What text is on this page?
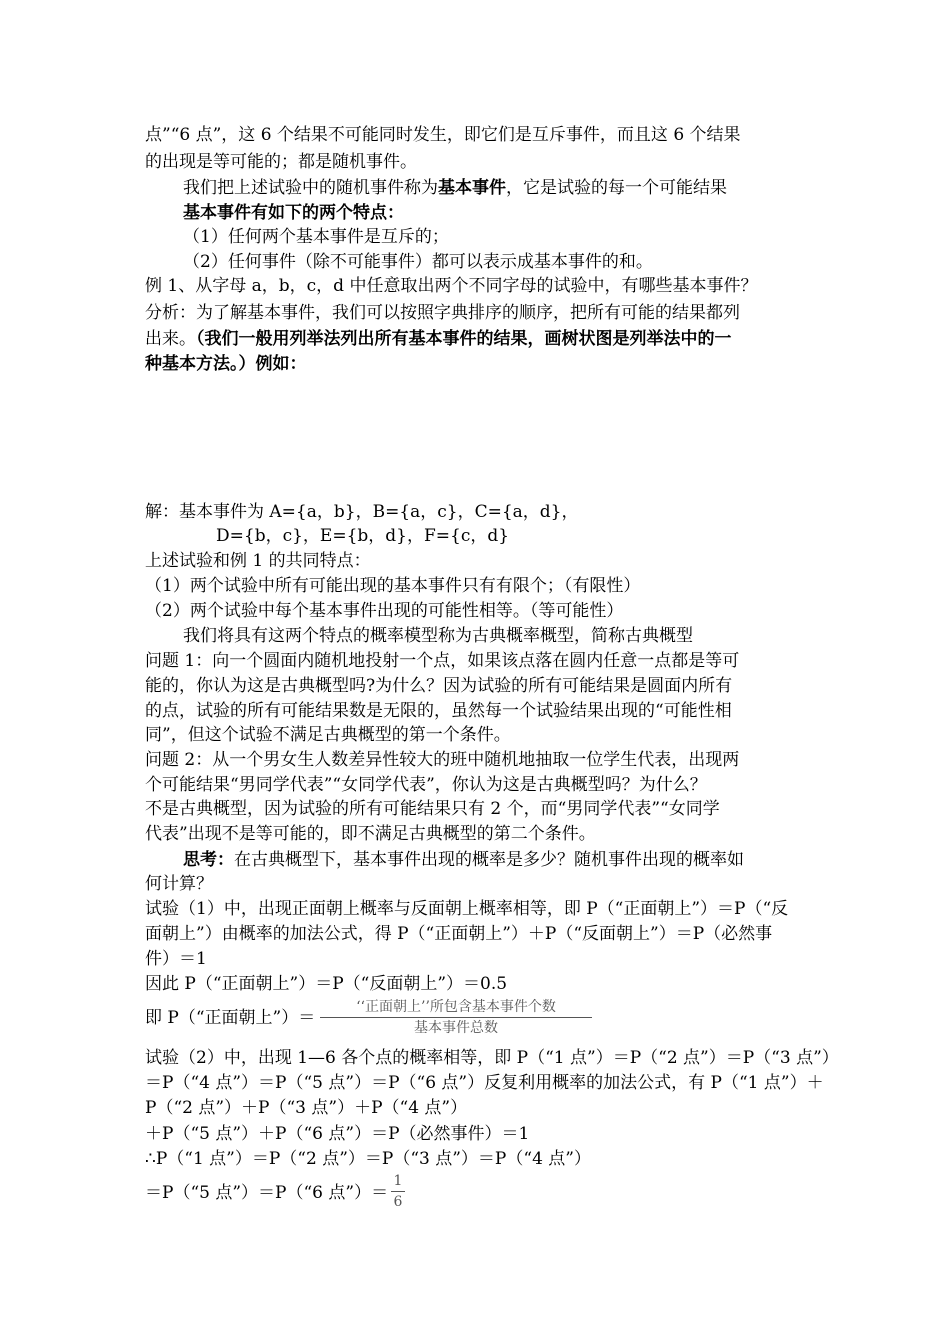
点”“6 点”，这 6 个结果不可能同时发生，即它们是互斥事件，而且这 6 个结果
的出现是等可能的；都是随机事件。
我们把上述试验中的随机事件称为基本事件，它是试验的每一个可能结果
基本事件有如下的两个特点：
（1）任何两个基本事件是互斥的；
（2）任何事件（除不可能事件）都可以表示成基本事件的和。
例 1、从字母 a，b，c，d 中任意取出两个不同字母的试验中，有哪些基本事件？
分析：为了解基本事件，我们可以按照字典排序的顺序，把所有可能的结果都列
出来。（我们一般用列举法列出所有基本事件的结果，画树状图是列举法中的一
种基本方法。）例如：
解：基本事件为 A={a，b}，B={a，c}，C={a，d}，
D={b，c}，E={b，d}，F={c，d}
上述试验和例 1 的共同特点：
（1）两个试验中所有可能出现的基本事件只有有限个；（有限性）
（2）两个试验中每个基本事件出现的可能性相等。（等可能性）
我们将具有这两个特点的概率模型称为古典概率概型，简称古典概型
问题 1：向一个圆面内随机地投射一个点，如果该点落在圆内任意一点都是等可
能的，你认为这是古典概型吗?为什么？因为试验的所有可能结果是圆面内所有
的点，试验的所有可能结果数是无限的，虽然每一个试验结果出现的“可能性相
同”，但这个试验不满足古典概型的第一个条件。
问题 2：从一个男女生人数差异性较大的班中随机地抽取一位学生代表，出现两
个可能结果“男同学代表”“女同学代表”，你认为这是古典概型吗？为什么？
不是古典概型，因为试验的所有可能结果只有 2 个，而“男同学代表”“女同学
代表”出现不是等可能的，即不满足古典概型的第二个条件。
思考：在古典概型下，基本事件出现的概率是多少？随机事件出现的概率如
何计算？
试验（1）中，出现正面朝上概率与反面朝上概率相等，即 P（“正面朝上”）＝P（“反
面朝上”）由概率的加法公式，得 P（“正面朝上”）＋P（“反面朝上”）＝P（必然事
件）＝1
因此 P（“正面朝上”）＝P（“反面朝上”）＝0.5
即 P（“正面朝上”）＝
‘‘正面朝上’’所包含基本事件个数
基本事件总数
试验（2）中，出现 1—6 各个点的概率相等，即 P（“1 点”）＝P（“2 点”）＝P（“3 点”）
＝P（“4 点”）＝P（“5 点”）＝P（“6 点”）反复利用概率的加法公式，有 P（“1 点”）＋
P（“2 点”）＋P（“3 点”）＋P（“4 点”）
＋P（“5 点”）＋P（“6 点”）＝P（必然事件）＝1
∴P（“1 点”）＝P（“2 点”）＝P（“3 点”）＝P（“4 点”）
＝P（“5 点”）＝P（“6 点”）＝
1
6
